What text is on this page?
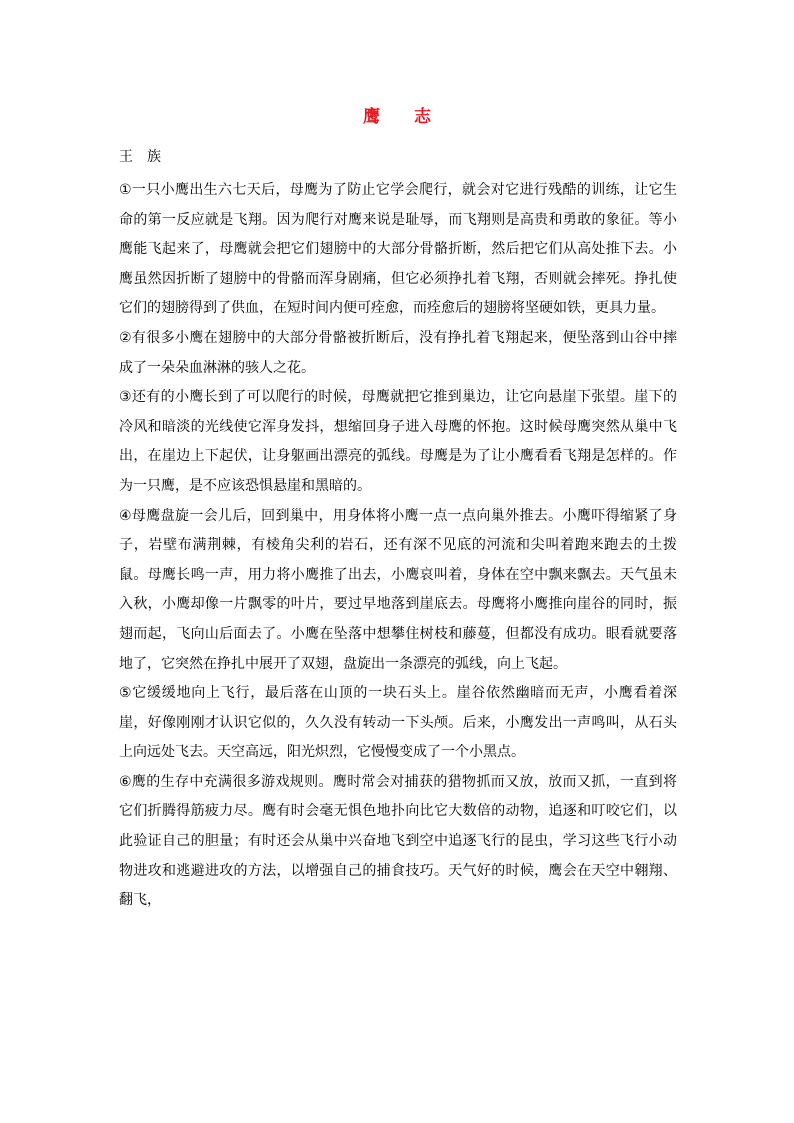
鹰 志

王 族

①一只小鹰出生六七天后，母鹰为了防止它学会爬行，就会对它进行残酷的训练，让它生命的第一反应就是飞翔。因为爬行对鹰来说是耻辱，而飞翔则是高贵和勇敢的象征。等小鹰能飞起来了，母鹰就会把它们翅膀中的大部分骨骼折断，然后把它们从高处推下去。小鹰虽然因折断了翅膀中的骨骼而浑身剧痛，但它必须挣扎着飞翔，否则就会摔死。挣扎使它们的翅膀得到了供血，在短时间内便可痊愈，而痊愈后的翅膀将坚硬如铁，更具力量。

②有很多小鹰在翅膀中的大部分骨骼被折断后，没有挣扎着飞翔起来，便坠落到山谷中摔成了一朵朵血淋淋的骇人之花。

③还有的小鹰长到了可以爬行的时候，母鹰就把它推到巢边，让它向悬崖下张望。崖下的冷风和暗淡的光线使它浑身发抖，想缩回身子进入母鹰的怀抱。这时候母鹰突然从巢中飞出，在崖边上下起伏，让身躯画出漂亮的弧线。母鹰是为了让小鹰看看飞翔是怎样的。作为一只鹰，是不应该恐惧悬崖和黑暗的。

④母鹰盘旋一会儿后，回到巢中，用身体将小鹰一点一点向巢外推去。小鹰吓得缩紧了身子，岩壁布满荆棘，有棱角尖利的岩石，还有深不见底的河流和尖叫着跑来跑去的土拨鼠。母鹰长鸣一声，用力将小鹰推了出去，小鹰哀叫着，身体在空中飘来飘去。天气虽未入秋，小鹰却像一片飘零的叶片，要过早地落到崖底去。母鹰将小鹰推向崖谷的同时，振翅而起，飞向山后面去了。小鹰在坠落中想攀住树枝和藤蔓，但都没有成功。眼看就要落地了，它突然在挣扎中展开了双翅，盘旋出一条漂亮的弧线，向上飞起。

⑤它缓缓地向上飞行，最后落在山顶的一块石头上。崖谷依然幽暗而无声，小鹰看着深崖，好像刚刚才认识它似的，久久没有转动一下头颅。后来，小鹰发出一声鸣叫，从石头上向远处飞去。天空高远，阳光炽烈，它慢慢变成了一个小黑点。

⑥鹰的生存中充满很多游戏规则。鹰时常会对捕获的猎物抓而又放，放而又抓，一直到将它们折腾得筋疲力尽。鹰有时会毫无惧色地扑向比它大数倍的动物，追逐和叮咬它们，以此验证自己的胆量；有时还会从巢中兴奋地飞到空中追逐飞行的昆虫，学习这些飞行小动物进攻和逃避进攻的方法，以增强自己的捕食技巧。天气好的时候，鹰会在天空中翱翔、翻飞，
